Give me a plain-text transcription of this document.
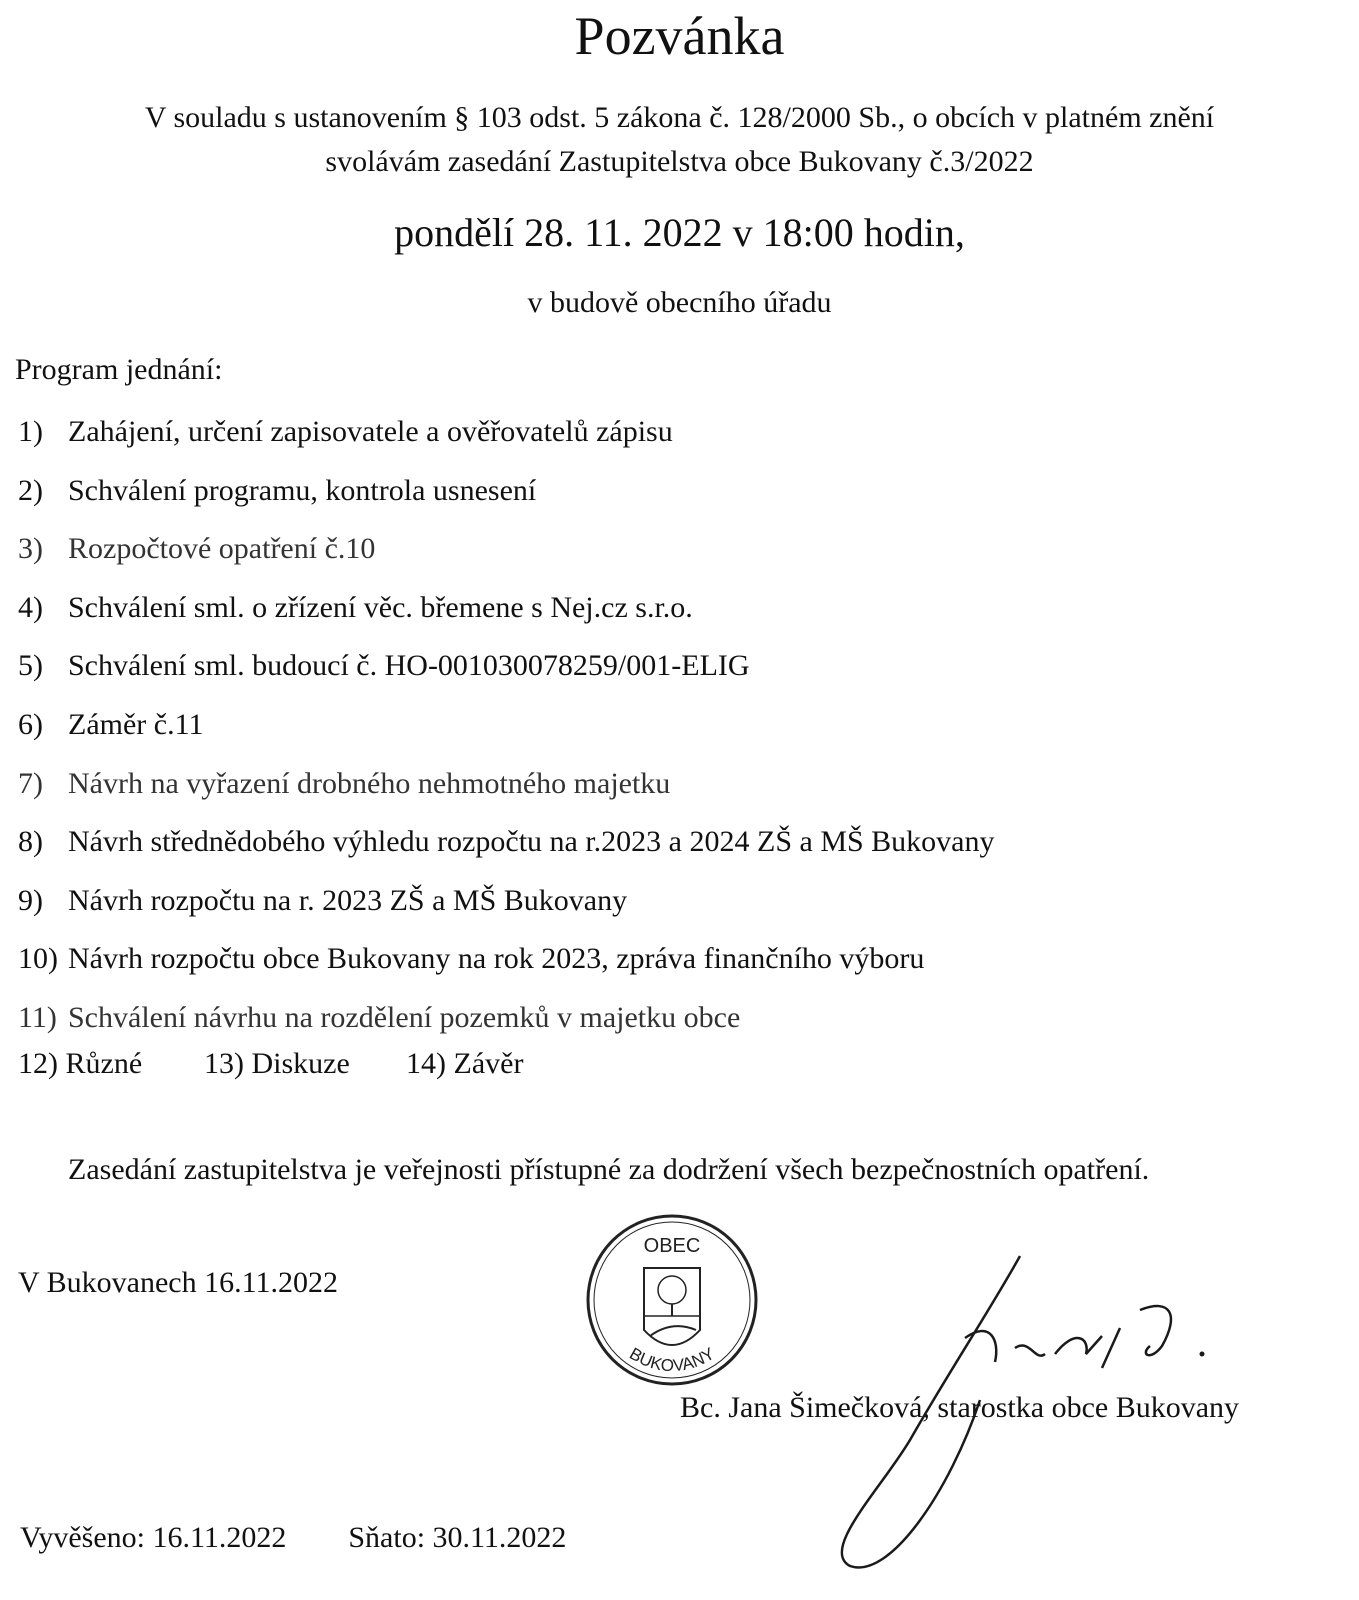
Pozvánka
V souladu s ustanovením § 103 odst. 5 zákona č. 128/2000 Sb., o obcích v platném znění
svolávám zasedání Zastupitelstva obce Bukovany č.3/2022
pondělí 28. 11. 2022 v 18:00 hodin,
v budově obecního úřadu
Program jednání:
1) Zahájení, určení zapisovatele a ověřovatelů zápisu
2) Schválení programu, kontrola usnesení
3) Rozpočtové opatření č.10
4) Schválení sml. o zřízení věc. břemene s Nej.cz s.r.o.
5) Schválení sml. budoucí č. HO-001030078259/001-ELIG
6) Záměr č.11
7) Návrh na vyřazení drobného nehmotného majetku
8) Návrh střednědobého výhledu rozpočtu na r.2023 a 2024 ZŠ a MŠ Bukovany
9) Návrh rozpočtu na r. 2023 ZŠ a MŠ Bukovany
10) Návrh rozpočtu obce Bukovany na rok 2023, zpráva finančního výboru
11) Schválení návrhu na rozdělení pozemků v majetku obce
12) Různé 13) Diskuze 14) Závěr
Zasedání zastupitelstva je veřejnosti přístupné za dodržení všech bezpečnostních opatření.
V Bukovanech 16.11.2022
OBEC
BUKOVANY
Bc. Jana Šimečková, starostka obce Bukovany
Vyvěšeno: 16.11.2022 Sňato: 30.11.2022
